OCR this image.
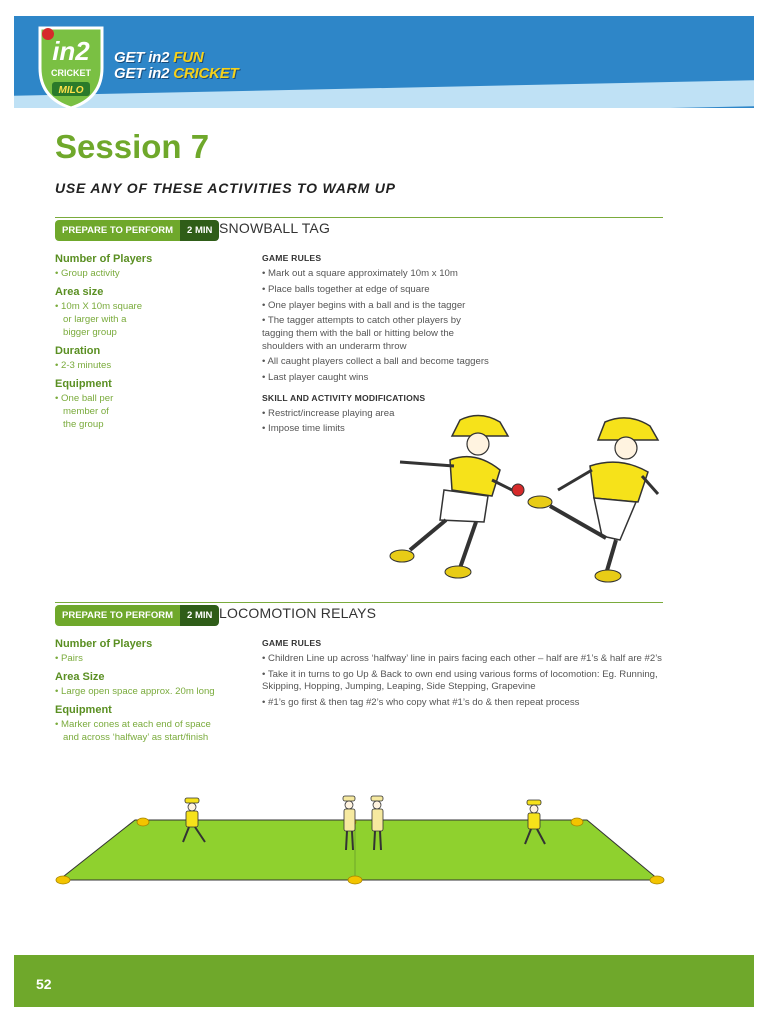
in2
CRICKET
MILO
GET in2 FUN
GET in2 CRICKET
Session 7
USE ANY OF THESE ACTIVITIES TO WARM UP
PREPARE TO PERFORM	2 MIN SNOWBALL TAG
Number of Players
• Group activity
Area size
• 10m X 10m square
or larger with a
bigger group
Duration
• 2-3 minutes
Equipment
• One ball per
member of
the group
GAME RULES
• Mark out a square approximately 10m x 10m
• Place balls together at edge of square
• One player begins with a ball and is the tagger
• The tagger attempts to catch other players by tagging them with the ball or hitting below the shoulders with an underarm throw
• All caught players collect a ball and become taggers
• Last player caught wins
SKILL AND ACTIVITY MODIFICATIONS
• Restrict/increase playing area
• Impose time limits
PREPARE TO PERFORM	2 MIN LOCOMOTION RELAYS
Number of Players
• Pairs
Area Size
• Large open space approx. 20m long
Equipment
• Marker cones at each end of space
and across ‘halfway’ as start/finish
GAME RULES
• Children Line up across ‘halfway’ line in pairs facing each other – half are #1’s & half are #2’s
• Take it in turns to go Up & Back to own end using various forms of locomotion: Eg. Running, Skipping, Hopping, Jumping, Leaping, Side Stepping, Grapevine
• #1’s go first & then tag #2’s who copy what #1’s do & then repeat process
52
